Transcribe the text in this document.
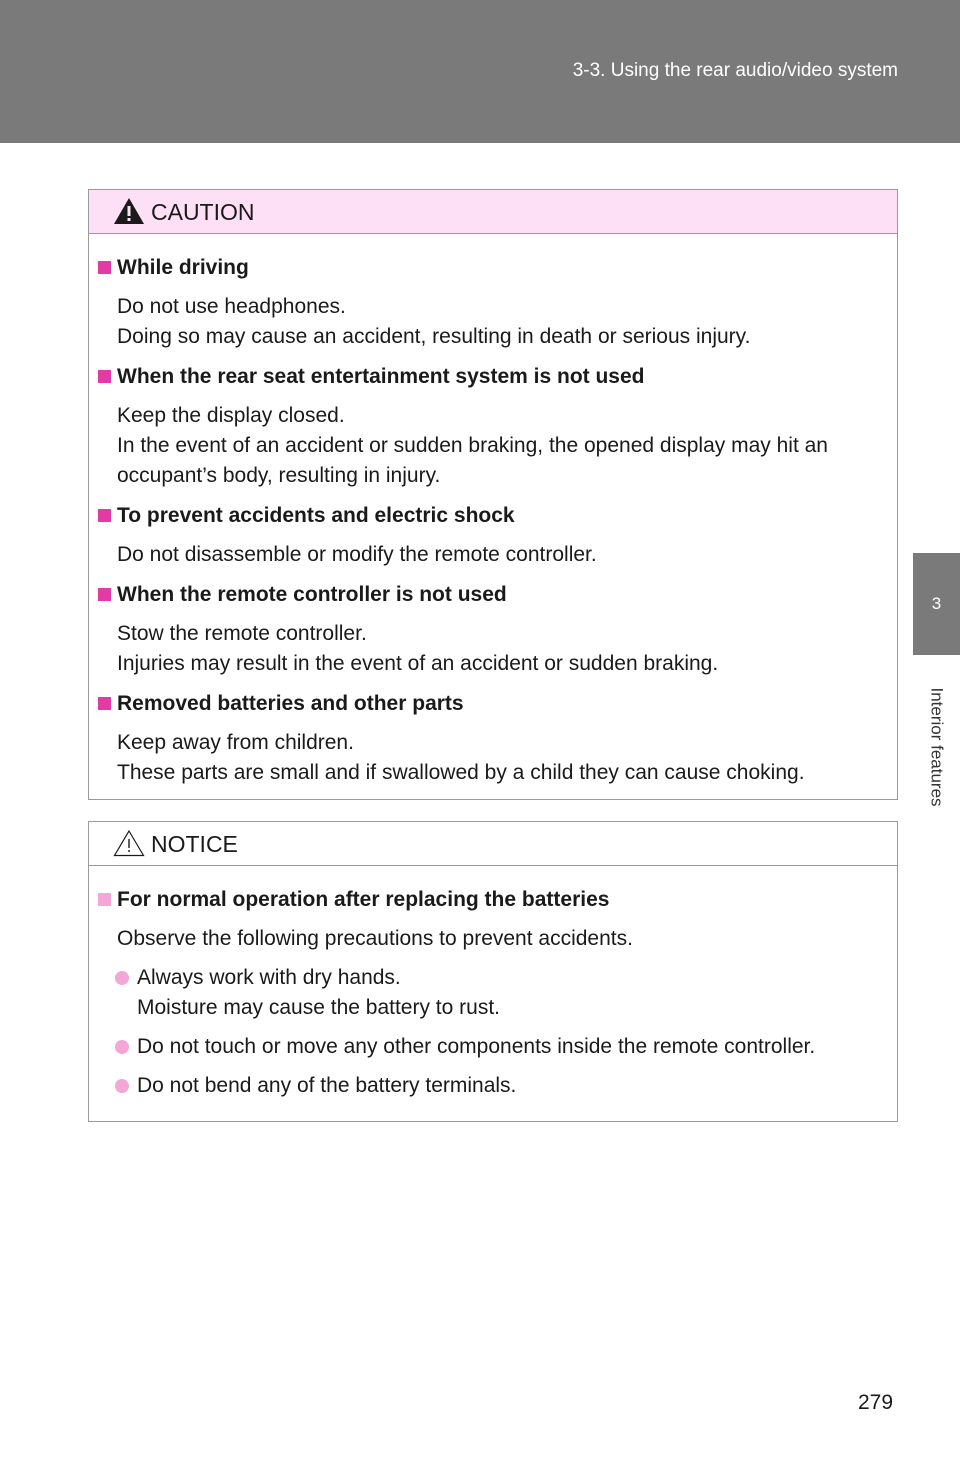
3-3. Using the rear audio/video system
3
Interior features
CAUTION

While driving

Do not use headphones.
Doing so may cause an accident, resulting in death or serious injury.

When the rear seat entertainment system is not used

Keep the display closed.
In the event of an accident or sudden braking, the opened display may hit an occupant’s body, resulting in injury.

To prevent accidents and electric shock

Do not disassemble or modify the remote controller.

When the remote controller is not used

Stow the remote controller.
Injuries may result in the event of an accident or sudden braking.

Removed batteries and other parts

Keep away from children.
These parts are small and if swallowed by a child they can cause choking.

NOTICE

For normal operation after replacing the batteries

Observe the following precautions to prevent accidents.

Always work with dry hands.
Moisture may cause the battery to rust.
Do not touch or move any other components inside the remote controller.
Do not bend any of the battery terminals.
279
